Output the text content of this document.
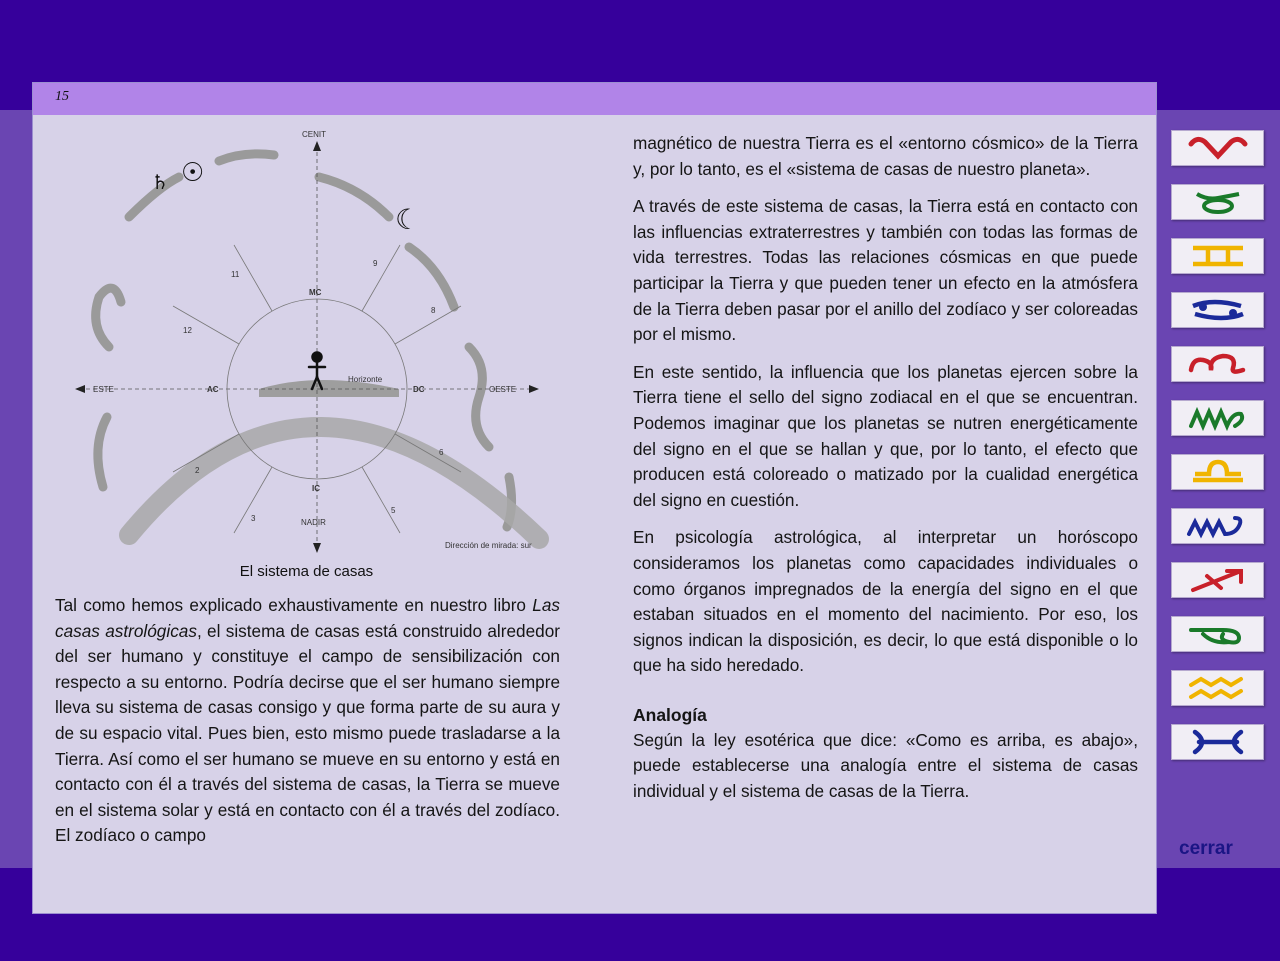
15
CENIT
NADIR
ESTE	OESTE
MC
IC
AC	DC
Horizonte
Dirección de mirada: sur
2
3
5
6
8
9
11
12
♄ ☉
☾
El sistema de casas

Tal como hemos explicado exhaustivamente en nuestro libro Las casas astrológicas, el sistema de casas está construido alrededor del ser humano y constituye el campo de sensibilización con respecto a su entorno. Podría decirse que el ser humano siempre lleva su sistema de casas consigo y que forma parte de su aura y de su espacio vital. Pues bien, esto mismo puede trasladarse a la Tierra. Así como el ser humano se mueve en su entorno y está en contacto con él a través del sistema de casas, la Tierra se mueve en el sistema solar y está en contacto con él a través del zodíaco. El zodíaco o campo

magnético de nuestra Tierra es el «entorno cósmico» de la Tierra y, por lo tanto, es el «sistema de casas de nuestro planeta».

A través de este sistema de casas, la Tierra está en contacto con las influencias extraterrestres y también con todas las formas de vida terrestres. Todas las relaciones cósmicas en que puede participar la Tierra y que pueden tener un efecto en la atmósfera de la Tierra deben pasar por el anillo del zodíaco y ser coloreadas por el mismo.

En este sentido, la influencia que los planetas ejercen sobre la Tierra tiene el sello del signo zodiacal en el que se encuentran. Podemos imaginar que los planetas se nutren energéticamente del signo en el que se hallan y que, por lo tanto, el efecto que producen está coloreado o matizado por la cualidad energética del signo en cuestión.

En psicología astrológica, al interpretar un horóscopo consideramos los planetas como capacidades individuales o como órganos impregnados de la energía del signo en el que estaban situados en el momento del nacimiento. Por eso, los signos indican la disposición, es decir, lo que está disponible o lo que ha sido heredado.

Analogía

Según la ley esotérica que dice: «Como es arriba, es abajo», puede establecerse una analogía entre el sistema de casas individual y el sistema de casas de la Tierra.

cerrar
